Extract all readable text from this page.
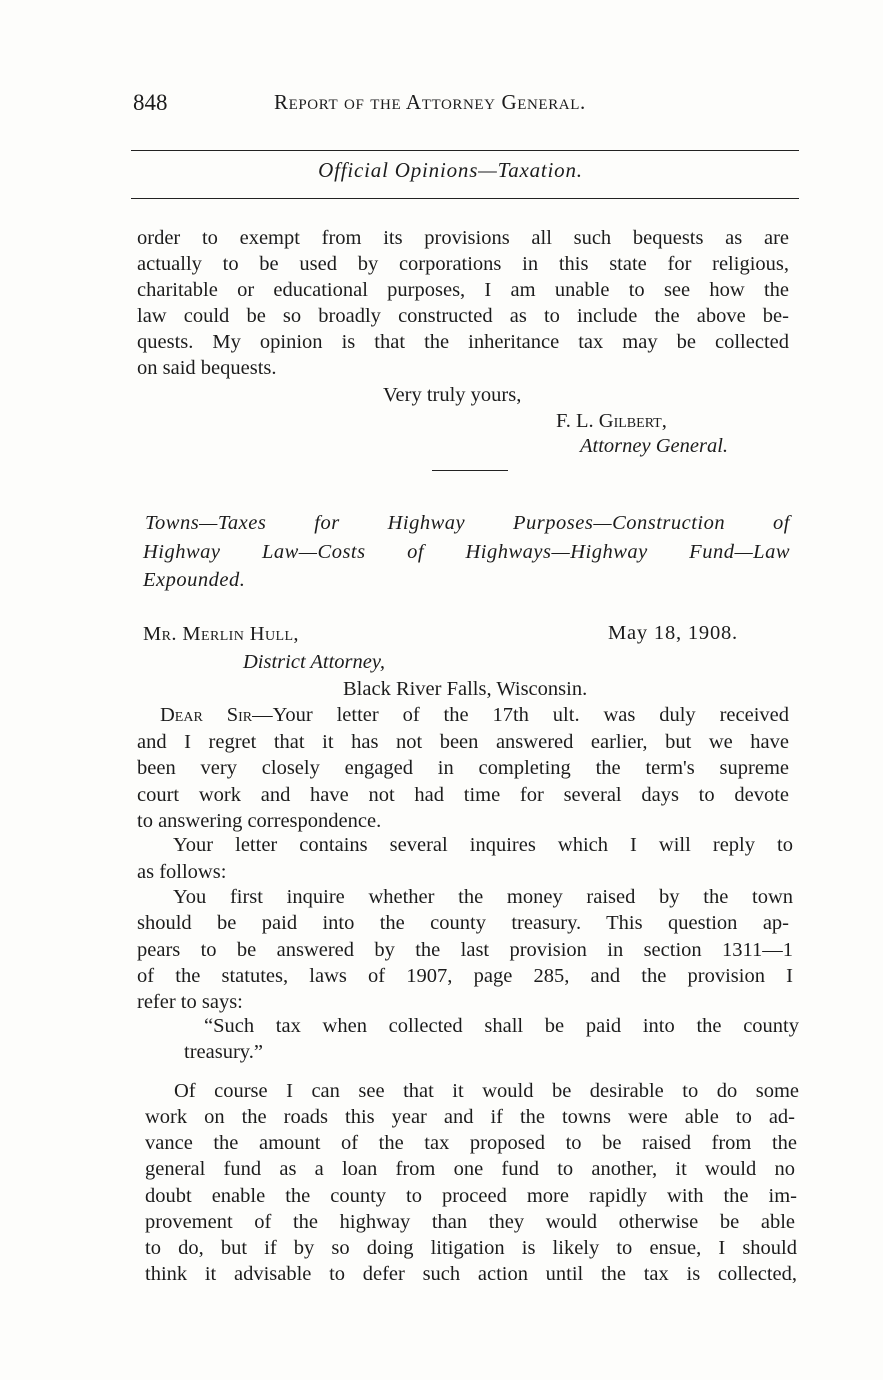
848	Report of the Attorney General.
Official Opinions—Taxation.
order to exempt from its provisions all such bequests as are
actually to be used by corporations in this state for religious,
charitable or educational purposes, I am unable to see how the
law could be so broadly constructed as to include the above be-
quests. My opinion is that the inheritance tax may be collected
on said bequests.
Very truly yours,
F. L. Gilbert,
Attorney General.
Towns—Taxes for Highway Purposes—Construction of
Highway Law—Costs of Highways—Highway Fund—Law
Expounded.
Mr. Merlin Hull,	May 18, 1908.
District Attorney,
Black River Falls, Wisconsin.
Dear Sir—Your letter of the 17th ult. was duly received
and I regret that it has not been answered earlier, but we have
been very closely engaged in completing the term's supreme
court work and have not had time for several days to devote
to answering correspondence.
Your letter contains several inquires which I will reply to
as follows:
You first inquire whether the money raised by the town
should be paid into the county treasury. This question ap-
pears to be answered by the last provision in section 1311—1
of the statutes, laws of 1907, page 285, and the provision I
refer to says:
“Such tax when collected shall be paid into the county
treasury.”
Of course I can see that it would be desirable to do some
work on the roads this year and if the towns were able to ad-
vance the amount of the tax proposed to be raised from the
general fund as a loan from one fund to another, it would no
doubt enable the county to proceed more rapidly with the im-
provement of the highway than they would otherwise be able
to do, but if by so doing litigation is likely to ensue, I should
think it advisable to defer such action until the tax is collected,
